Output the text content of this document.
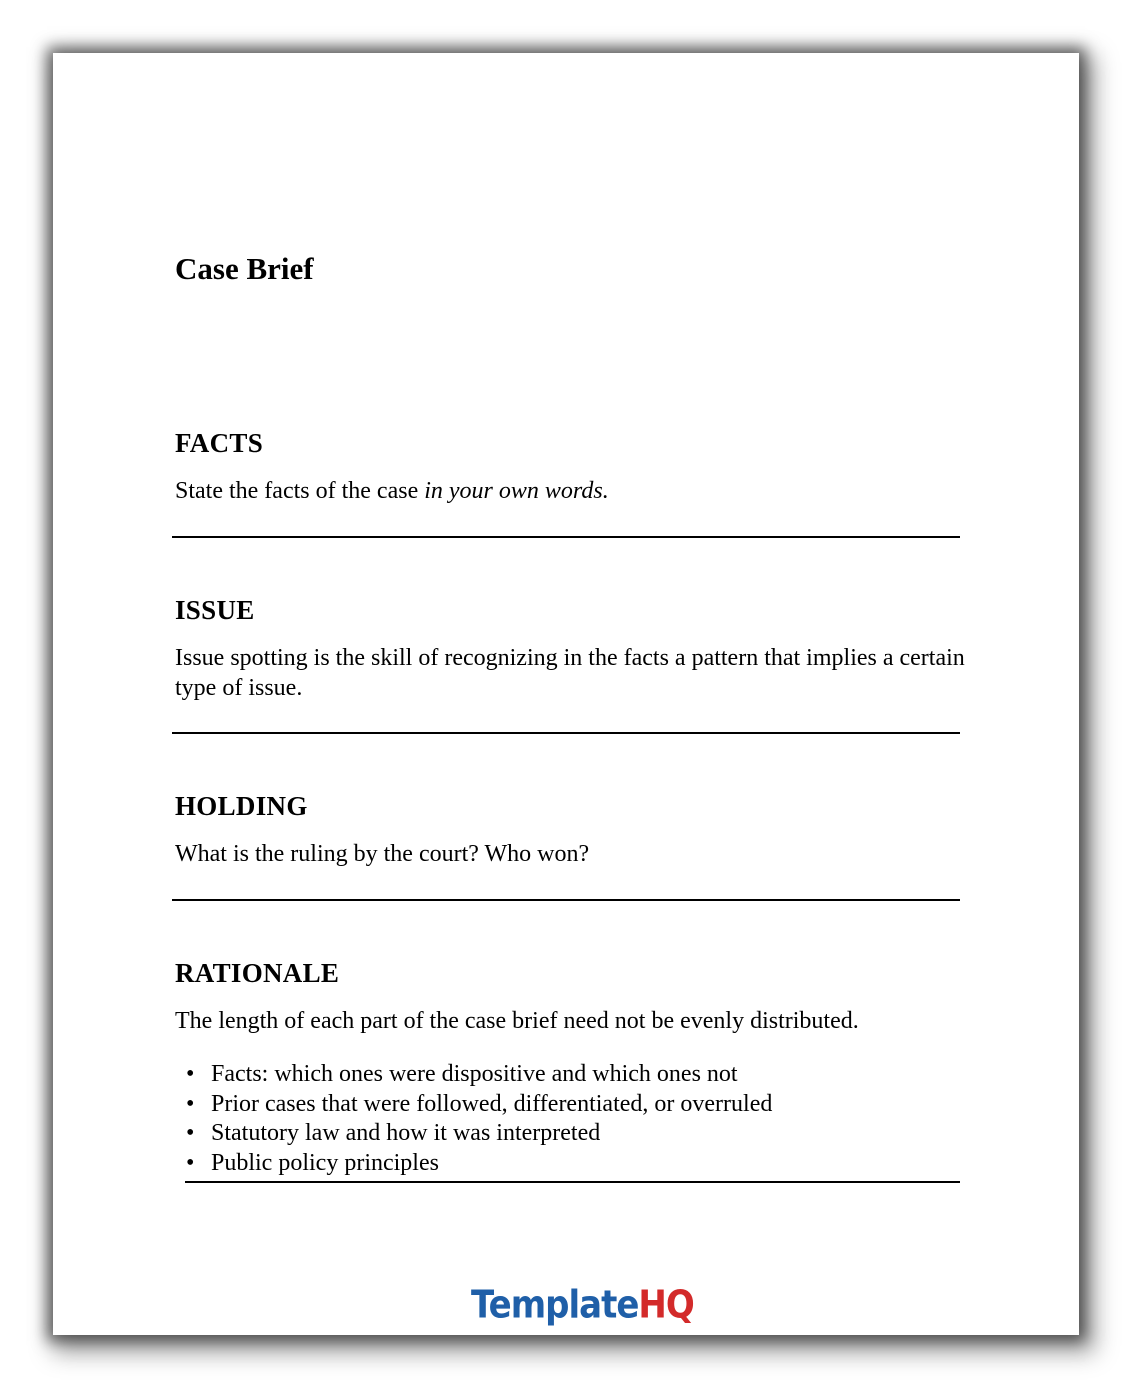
Case Brief
FACTS

State the facts of the case in your own words.

ISSUE

Issue spotting is the skill of recognizing in the facts a pattern that implies a certain type of issue.

HOLDING

What is the ruling by the court? Who won?

RATIONALE

The length of each part of the case brief need not be evenly distributed.

• Facts: which ones were dispositive and which ones not
• Prior cases that were followed, differentiated, or overruled
• Statutory law and how it was interpreted
• Public policy principles
TemplateHQ
